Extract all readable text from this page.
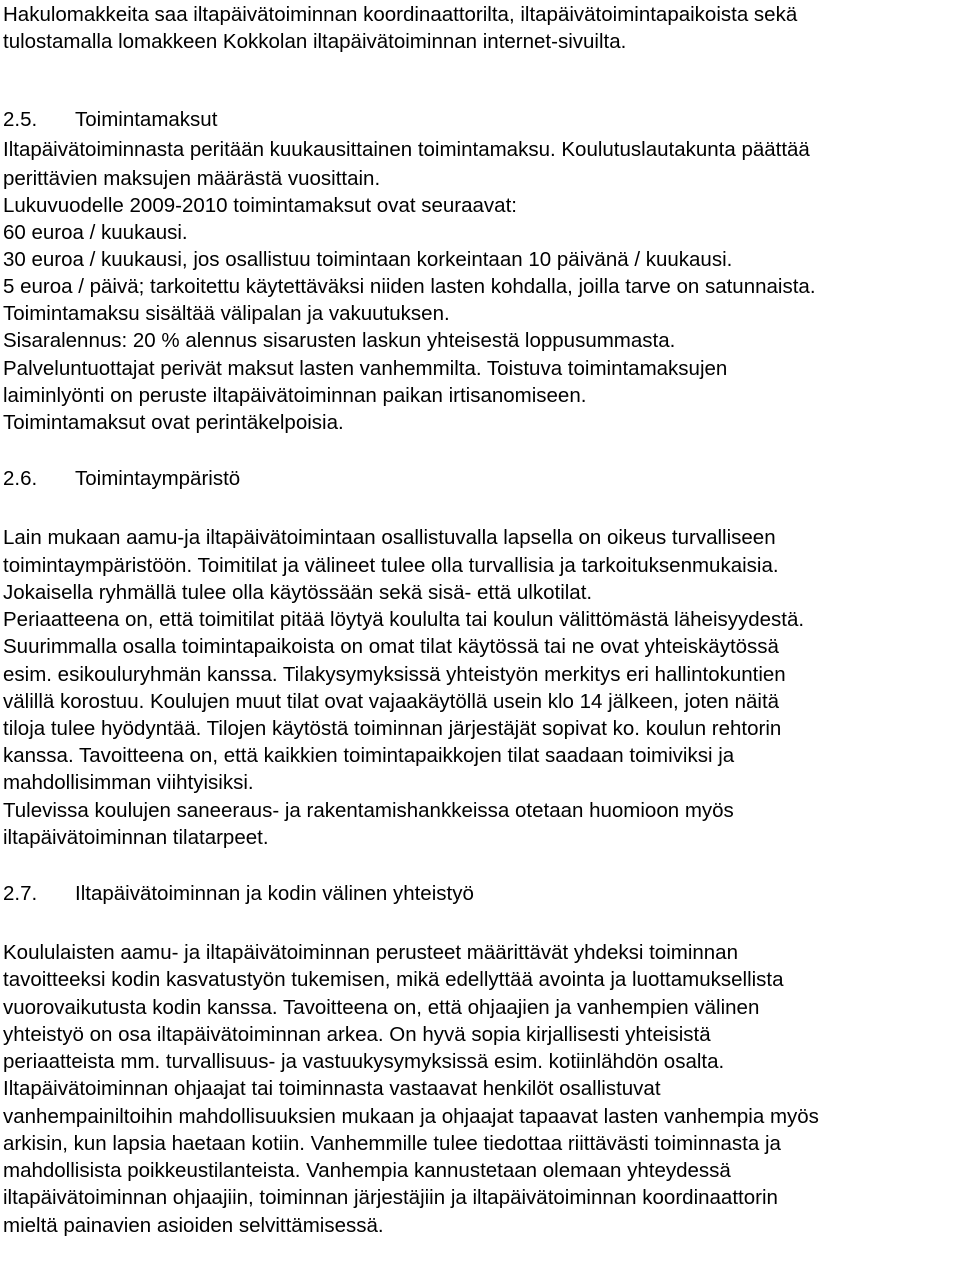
Hakulomakkeita saa iltapäivätoiminnan koordinaattorilta, iltapäivätoimintapaikoista sekä
tulostamalla lomakkeen Kokkolan iltapäivätoiminnan internet-sivuilta.
2.5. Toimintamaksut
Iltapäivätoiminnasta peritään kuukausittainen toimintamaksu. Koulutuslautakunta päättää
perittävien maksujen määrästä vuosittain.
Lukuvuodelle 2009-2010 toimintamaksut ovat seuraavat:
60 euroa / kuukausi.
30 euroa / kuukausi, jos osallistuu toimintaan korkeintaan 10 päivänä / kuukausi.
5 euroa / päivä; tarkoitettu käytettäväksi niiden lasten kohdalla, joilla tarve on satunnaista.
Toimintamaksu sisältää välipalan ja vakuutuksen.
Sisaralennus: 20 % alennus sisarusten laskun yhteisestä loppusummasta.
Palveluntuottajat perivät maksut lasten vanhemmilta. Toistuva toimintamaksujen
laiminlyönti on peruste iltapäivätoiminnan paikan irtisanomiseen.
Toimintamaksut ovat perintäkelpoisia.
2.6. Toimintaympäristö
Lain mukaan aamu-ja iltapäivätoimintaan osallistuvalla lapsella on oikeus turvalliseen
toimintaympäristöön. Toimitilat ja välineet tulee olla turvallisia ja tarkoituksenmukaisia.
Jokaisella ryhmällä tulee olla käytössään sekä sisä- että ulkotilat.
Periaatteena on, että toimitilat pitää löytyä koululta tai koulun välittömästä läheisyydestä.
Suurimmalla osalla toimintapaikoista on omat tilat käytössä tai ne ovat yhteiskäytössä
esim. esikouluryhmän kanssa. Tilakysymyksissä yhteistyön merkitys eri hallintokuntien
välillä korostuu. Koulujen muut tilat ovat vajaakäytöllä usein klo 14 jälkeen, joten näitä
tiloja tulee hyödyntää. Tilojen käytöstä toiminnan järjestäjät sopivat ko. koulun rehtorin
kanssa. Tavoitteena on, että kaikkien toimintapaikkojen tilat saadaan toimiviksi ja
mahdollisimman viihtyisiksi.
Tulevissa koulujen saneeraus- ja rakentamishankkeissa otetaan huomioon myös
iltapäivätoiminnan tilatarpeet.
2.7. Iltapäivätoiminnan ja kodin välinen yhteistyö
Koululaisten aamu- ja iltapäivätoiminnan perusteet määrittävät yhdeksi toiminnan
tavoitteeksi kodin kasvatustyön tukemisen, mikä edellyttää avointa ja luottamuksellista
vuorovaikutusta kodin kanssa. Tavoitteena on, että ohjaajien ja vanhempien välinen
yhteistyö on osa iltapäivätoiminnan arkea. On hyvä sopia kirjallisesti yhteisistä
periaatteista mm. turvallisuus- ja vastuukysymyksissä esim. kotiinlähdön osalta.
Iltapäivätoiminnan ohjaajat tai toiminnasta vastaavat henkilöt osallistuvat
vanhempainiltoihin mahdollisuuksien mukaan ja ohjaajat tapaavat lasten vanhempia myös
arkisin, kun lapsia haetaan kotiin. Vanhemmille tulee tiedottaa riittävästi toiminnasta ja
mahdollisista poikkeustilanteista. Vanhempia kannustetaan olemaan yhteydessä
iltapäivätoiminnan ohjaajiin, toiminnan järjestäjiin ja iltapäivätoiminnan koordinaattorin
mieltä painavien asioiden selvittämisessä.
